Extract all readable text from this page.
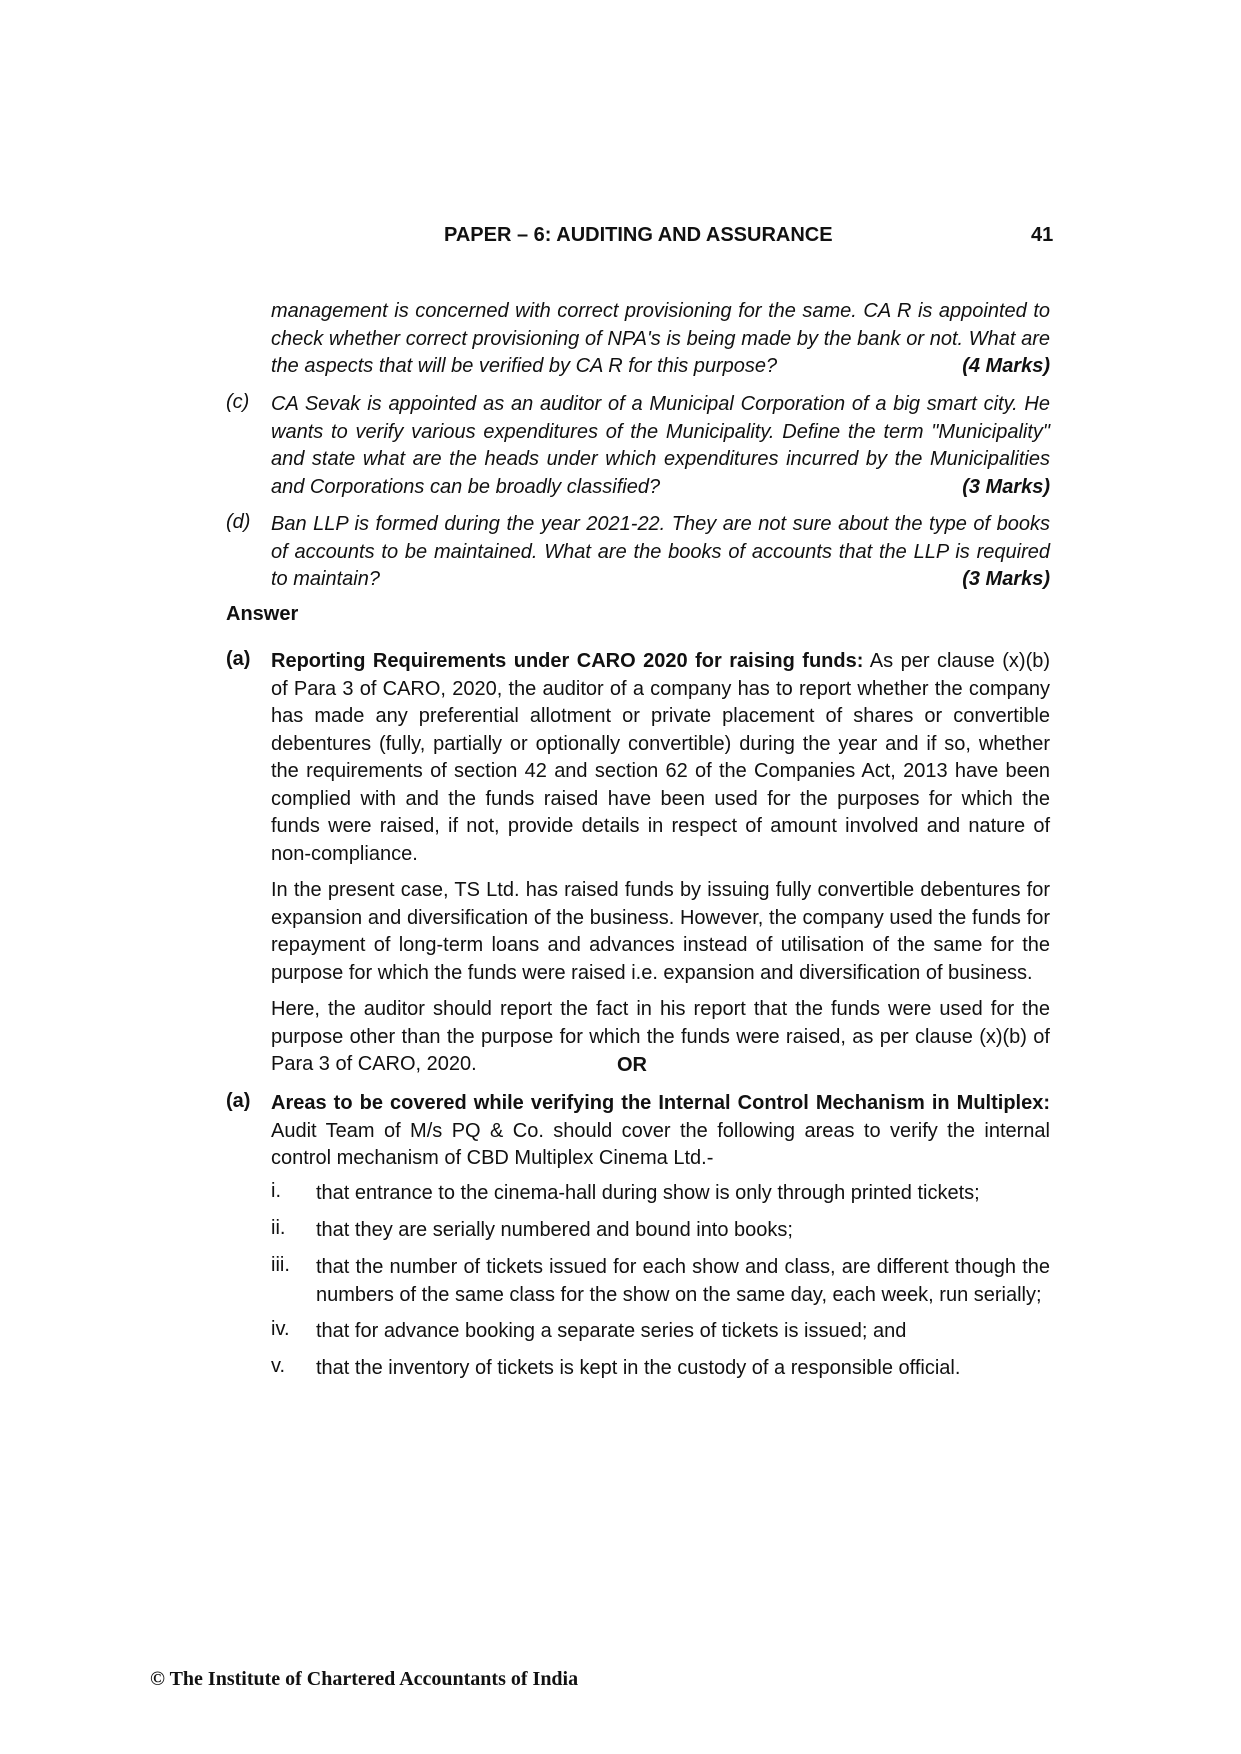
PAPER – 6: AUDITING AND ASSURANCE	41

management is concerned with correct provisioning for the same. CA R is appointed to check whether correct provisioning of NPA's is being made by the bank or not. What are the aspects that will be verified by CA R for this purpose?	(4 Marks)

(c) CA Sevak is appointed as an auditor of a Municipal Corporation of a big smart city. He wants to verify various expenditures of the Municipality. Define the term "Municipality" and state what are the heads under which expenditures incurred by the Municipalities and Corporations can be broadly classified?	(3 Marks)

(d) Ban LLP is formed during the year 2021-22. They are not sure about the type of books of accounts to be maintained. What are the books of accounts that the LLP is required to maintain?	(3 Marks)

Answer
(a) Reporting Requirements under CARO 2020 for raising funds: As per clause (x)(b) of Para 3 of CARO, 2020, the auditor of a company has to report whether the company has made any preferential allotment or private placement of shares or convertible debentures (fully, partially or optionally convertible) during the year and if so, whether the requirements of section 42 and section 62 of the Companies Act, 2013 have been complied with and the funds raised have been used for the purposes for which the funds were raised, if not, provide details in respect of amount involved and nature of non-compliance.

In the present case, TS Ltd. has raised funds by issuing fully convertible debentures for expansion and diversification of the business. However, the company used the funds for repayment of long-term loans and advances instead of utilisation of the same for the purpose for which the funds were raised i.e. expansion and diversification of business.

Here, the auditor should report the fact in his report that the funds were used for the purpose other than the purpose for which the funds were raised, as per clause (x)(b) of Para 3 of CARO, 2020.	OR
(a) Areas to be covered while verifying the Internal Control Mechanism in Multiplex: Audit Team of M/s PQ & Co. should cover the following areas to verify the internal control mechanism of CBD Multiplex Cinema Ltd.-

i. that entrance to the cinema-hall during show is only through printed tickets;
ii. that they are serially numbered and bound into books;
iii. that the number of tickets issued for each show and class, are different though the numbers of the same class for the show on the same day, each week, run serially;
iv. that for advance booking a separate series of tickets is issued; and
v. that the inventory of tickets is kept in the custody of a responsible official.
© The Institute of Chartered Accountants of India
